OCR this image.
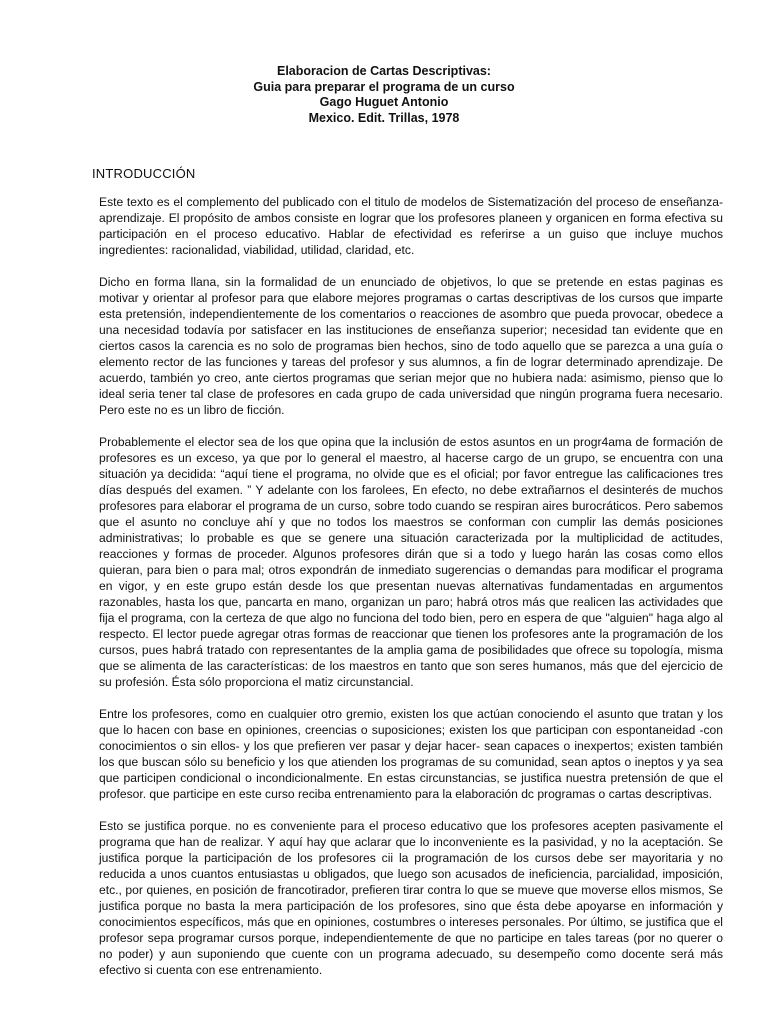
Elaboracion de Cartas Descriptivas:
Guia para preparar el programa de un curso
Gago Huguet Antonio
Mexico. Edit. Trillas, 1978
INTRODUCCIÓN

Este texto es el complemento del publicado con el titulo de modelos de Sistematización del proceso de enseñanza-aprendizaje. El propósito de ambos consiste en lograr que los profesores planeen y organicen en forma efectiva su participación en el proceso educativo. Hablar de efectividad es referirse a un guiso que incluye muchos ingredientes: racionalidad, viabilidad, utilidad, claridad, etc.

Dicho en forma llana, sin la formalidad de un enunciado de objetivos, lo que se pretende en estas paginas es motivar y orientar al profesor para que elabore mejores programas o cartas descriptivas de los cursos que imparte esta pretensión, independientemente de los comentarios o reacciones de asombro que pueda provocar, obedece a una necesidad todavía por satisfacer en las instituciones de enseñanza superior; necesidad tan evidente que en ciertos casos la carencia es no solo de programas bien hechos, sino de todo aquello que se parezca a una guía o elemento rector de las funciones y tareas del profesor y sus alumnos, a fin de lograr determinado aprendizaje. De acuerdo, también yo creo, ante ciertos programas que serian mejor que no hubiera nada: asimismo, pienso que lo ideal seria tener tal clase de profesores en cada grupo de cada universidad que ningún programa fuera necesario. Pero este no es un libro de ficción.

Probablemente el elector sea de los que opina que la inclusión de estos asuntos en un progr4ama de formación de profesores es un exceso, ya que por lo general el maestro, al hacerse cargo de un grupo, se encuentra con una situación ya decidida: “aquí tiene el programa, no olvide que es el oficial; por favor entregue las calificaciones tres días después del examen. ” Y adelante con los farolees, En efecto, no debe extrañarnos el desinterés de muchos profesores para elaborar el programa de un curso, sobre todo cuando se respiran aires burocráticos. Pero sabemos que el asunto no concluye ahí y que no todos los maestros se conforman con cumplir las demás posiciones administrativas; lo probable es que se genere una situación caracterizada por la multiplicidad de actitudes, reacciones y formas de proceder. Algunos profesores dirán que si a todo y luego harán las cosas como ellos quieran, para bien o para mal; otros expondrán de inmediato sugerencias o demandas para modificar el programa en vigor, y en este grupo están desde los que presentan nuevas alternativas fundamentadas en argumentos razonables, hasta los que, pancarta en mano, organizan un paro; habrá otros más que realicen las actividades que fija el programa, con la certeza de que algo no funciona del todo bien, pero en espera de que "alguien" haga algo al respecto. El lector puede agregar otras formas de reaccionar que tienen los profesores ante la programación de los cursos, pues habrá tratado con representantes de la amplia gama de posibilidades que ofrece su topología, misma que se alimenta de las características: de los maestros en tanto que son seres humanos, más que del ejercicio de su profesión. Ésta sólo proporciona el matiz circunstancial.

Entre los profesores, como en cualquier otro gremio, existen los que actúan conociendo el asunto que tratan y los que lo hacen con base en opiniones, creencias o suposiciones; existen los que participan con espontaneidad -con conocimientos o sin ellos- y los que prefieren ver pasar y dejar hacer- sean capaces o inexpertos; existen también los que buscan sólo su beneficio y los que atienden los programas de su comunidad, sean aptos o ineptos y ya sea que participen condicional o incondicionalmente. En estas circunstancias, se justifica nuestra pretensión de que el profesor. que participe en este curso reciba entrenamiento para la elaboración dc programas o cartas descriptivas.

Esto se justifica porque. no es conveniente para el proceso educativo que los profesores acepten pasivamente el programa que han de realizar. Y aquí hay que aclarar que lo inconveniente es la pasividad, y no la aceptación. Se justifica porque la participación de los profesores cii la programación de los cursos debe ser mayoritaria y no reducida a unos cuantos entusiastas u obligados, que luego son acusados de ineficiencia, parcialidad, imposición, etc., por quienes, en posición de francotirador, prefieren tirar contra lo que se mueve que moverse ellos mismos, Se justifica porque no basta la mera participación de los profesores, sino que ésta debe apoyarse en información y conocimientos específicos, más que en opiniones, costumbres o intereses personales. Por último, se justifica que el profesor sepa programar cursos porque, independientemente de que no participe en tales tareas (por no querer o no poder) y aun suponiendo que cuente con un programa adecuado, su desempeño como docente será más efectivo si cuenta con ese entrenamiento.
